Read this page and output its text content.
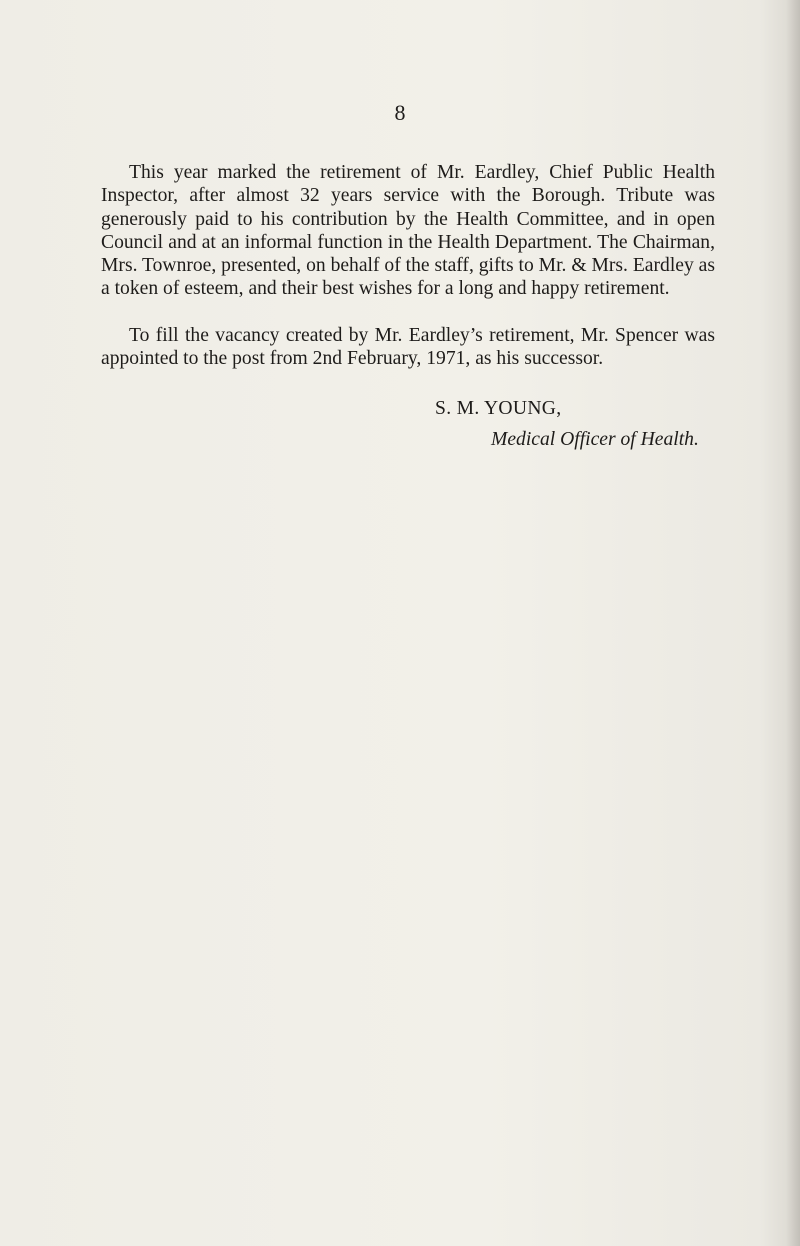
8

This year marked the retirement of Mr. Eardley, Chief Public Health Inspector, after almost 32 years service with the Borough. Tribute was generously paid to his contribution by the Health Committee, and in open Council and at an informal function in the Health Department. The Chairman, Mrs. Townroe, presented, on behalf of the staff, gifts to Mr. & Mrs. Eardley as a token of esteem, and their best wishes for a long and happy retirement.

To fill the vacancy created by Mr. Eardley’s retirement, Mr. Spencer was appointed to the post from 2nd February, 1971, as his successor.

S. M. YOUNG,
Medical Officer of Health.
